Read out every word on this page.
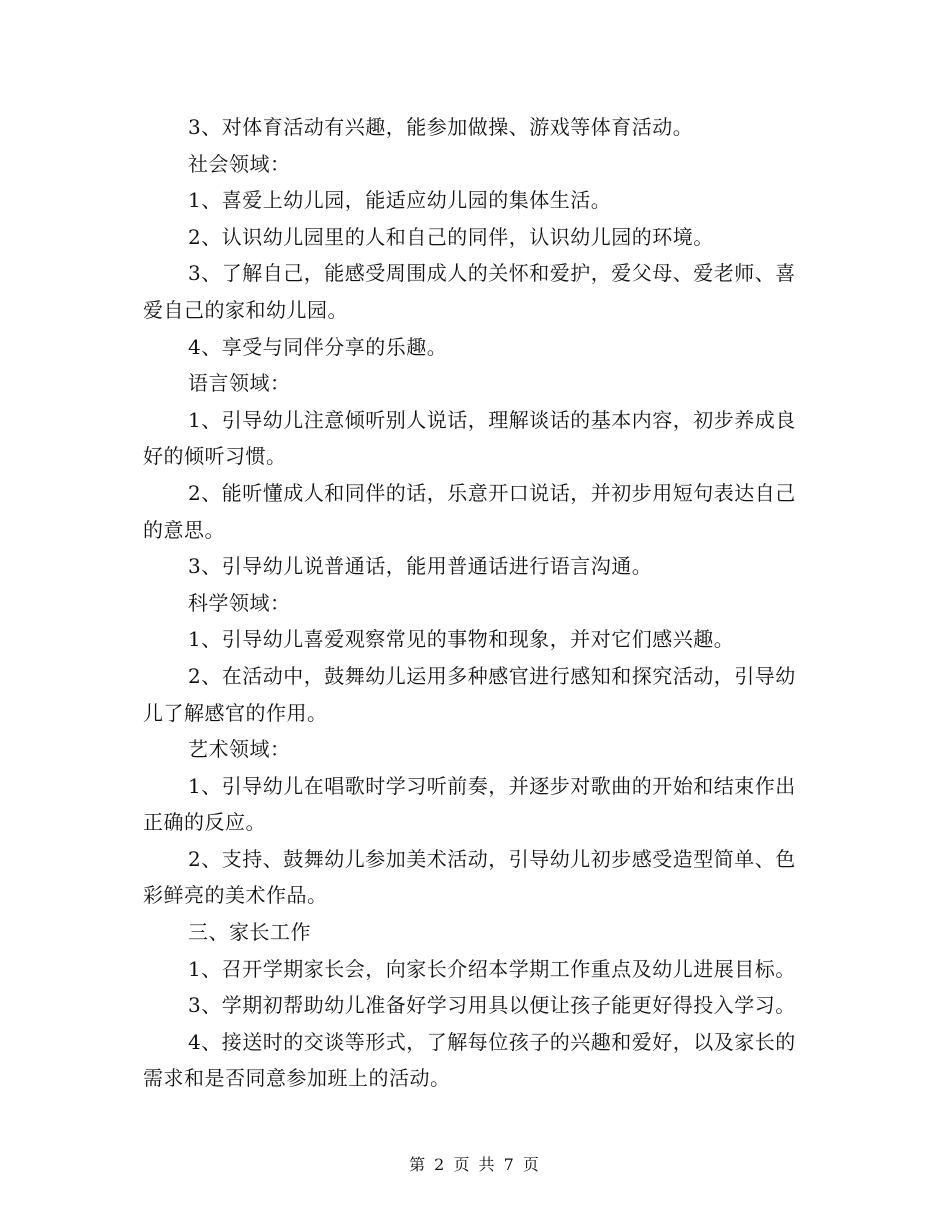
3、对体育活动有兴趣，能参加做操、游戏等体育活动。

社会领域：

1、喜爱上幼儿园，能适应幼儿园的集体生活。

2、认识幼儿园里的人和自己的同伴，认识幼儿园的环境。

3、了解自己，能感受周围成人的关怀和爱护，爱父母、爱老师、喜爱自己的家和幼儿园。

4、享受与同伴分享的乐趣。

语言领域：

1、引导幼儿注意倾听别人说话，理解谈话的基本内容，初步养成良好的倾听习惯。

2、能听懂成人和同伴的话，乐意开口说话，并初步用短句表达自己的意思。

3、引导幼儿说普通话，能用普通话进行语言沟通。

科学领域：

1、引导幼儿喜爱观察常见的事物和现象，并对它们感兴趣。

2、在活动中，鼓舞幼儿运用多种感官进行感知和探究活动，引导幼儿了解感官的作用。

艺术领域：

1、引导幼儿在唱歌时学习听前奏，并逐步对歌曲的开始和结束作出正确的反应。

2、支持、鼓舞幼儿参加美术活动，引导幼儿初步感受造型简单、色彩鲜亮的美术作品。

三、家长工作

1、召开学期家长会，向家长介绍本学期工作重点及幼儿进展目标。

3、学期初帮助幼儿准备好学习用具以便让孩子能更好得投入学习。

4、接送时的交谈等形式，了解每位孩子的兴趣和爱好，以及家长的需求和是否同意参加班上的活动。

第 2 页 共 7 页
